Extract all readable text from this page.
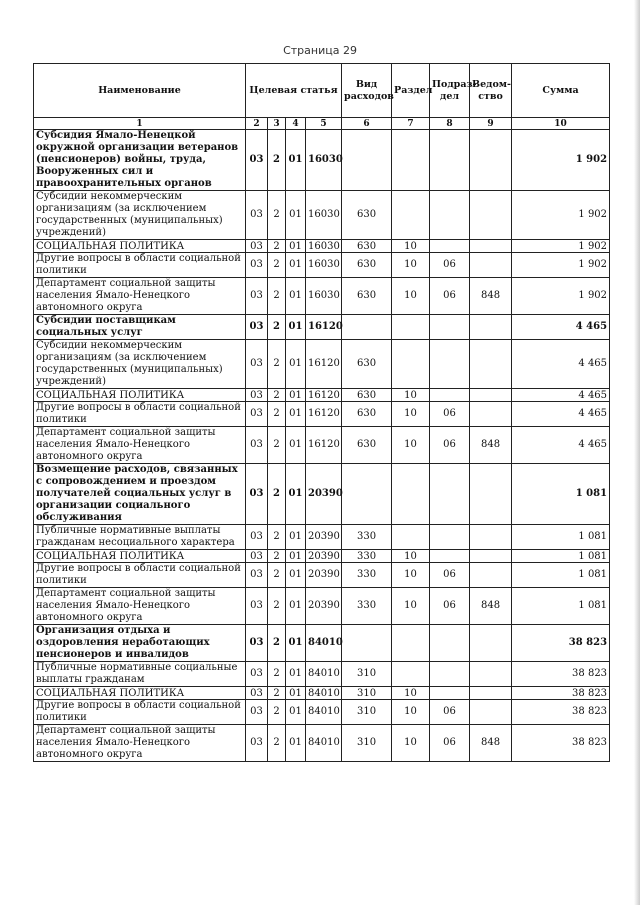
Страница 29
Наименование	Целевая статья				Вид расходов	Раздел	Подраз-дел	Ведом-ство	Сумма
1	2	3	4	5	6	7	8	9	10
Субсидия Ямало-Ненецкой окружной организации ветеранов (пенсионеров) войны, труда, Вооруженных сил и правоохранительных органов	03	2	01	16030					1 902
Субсидии некоммерческим организациям (за исключением государственных (муниципальных) учреждений)	03	2	01	16030	630				1 902
СОЦИАЛЬНАЯ ПОЛИТИКА	03	2	01	16030	630	10			1 902
Другие вопросы в области социальной политики	03	2	01	16030	630	10	06		1 902
Департамент социальной защиты населения Ямало-Ненецкого автономного округа	03	2	01	16030	630	10	06	848	1 902
Субсидии поставщикам социальных услуг	03	2	01	16120					4 465
Субсидии некоммерческим организациям (за исключением государственных (муниципальных) учреждений)	03	2	01	16120	630				4 465
СОЦИАЛЬНАЯ ПОЛИТИКА	03	2	01	16120	630	10			4 465
Другие вопросы в области социальной политики	03	2	01	16120	630	10	06		4 465
Департамент социальной защиты населения Ямало-Ненецкого автономного округа	03	2	01	16120	630	10	06	848	4 465
Возмещение расходов, связанных с сопровождением и проездом получателей социальных услуг в организации социального обслуживания	03	2	01	20390					1 081
Публичные нормативные выплаты гражданам несоциального характера	03	2	01	20390	330				1 081
СОЦИАЛЬНАЯ ПОЛИТИКА	03	2	01	20390	330	10			1 081
Другие вопросы в области социальной политики	03	2	01	20390	330	10	06		1 081
Департамент социальной защиты населения Ямало-Ненецкого автономного округа	03	2	01	20390	330	10	06	848	1 081
Организация отдыха и оздоровления неработающих пенсионеров и инвалидов	03	2	01	84010					38 823
Публичные нормативные социальные выплаты гражданам	03	2	01	84010	310				38 823
СОЦИАЛЬНАЯ ПОЛИТИКА	03	2	01	84010	310	10			38 823
Другие вопросы в области социальной политики	03	2	01	84010	310	10	06		38 823
Департамент социальной защиты населения Ямало-Ненецкого автономного округа	03	2	01	84010	310	10	06	848	38 823
